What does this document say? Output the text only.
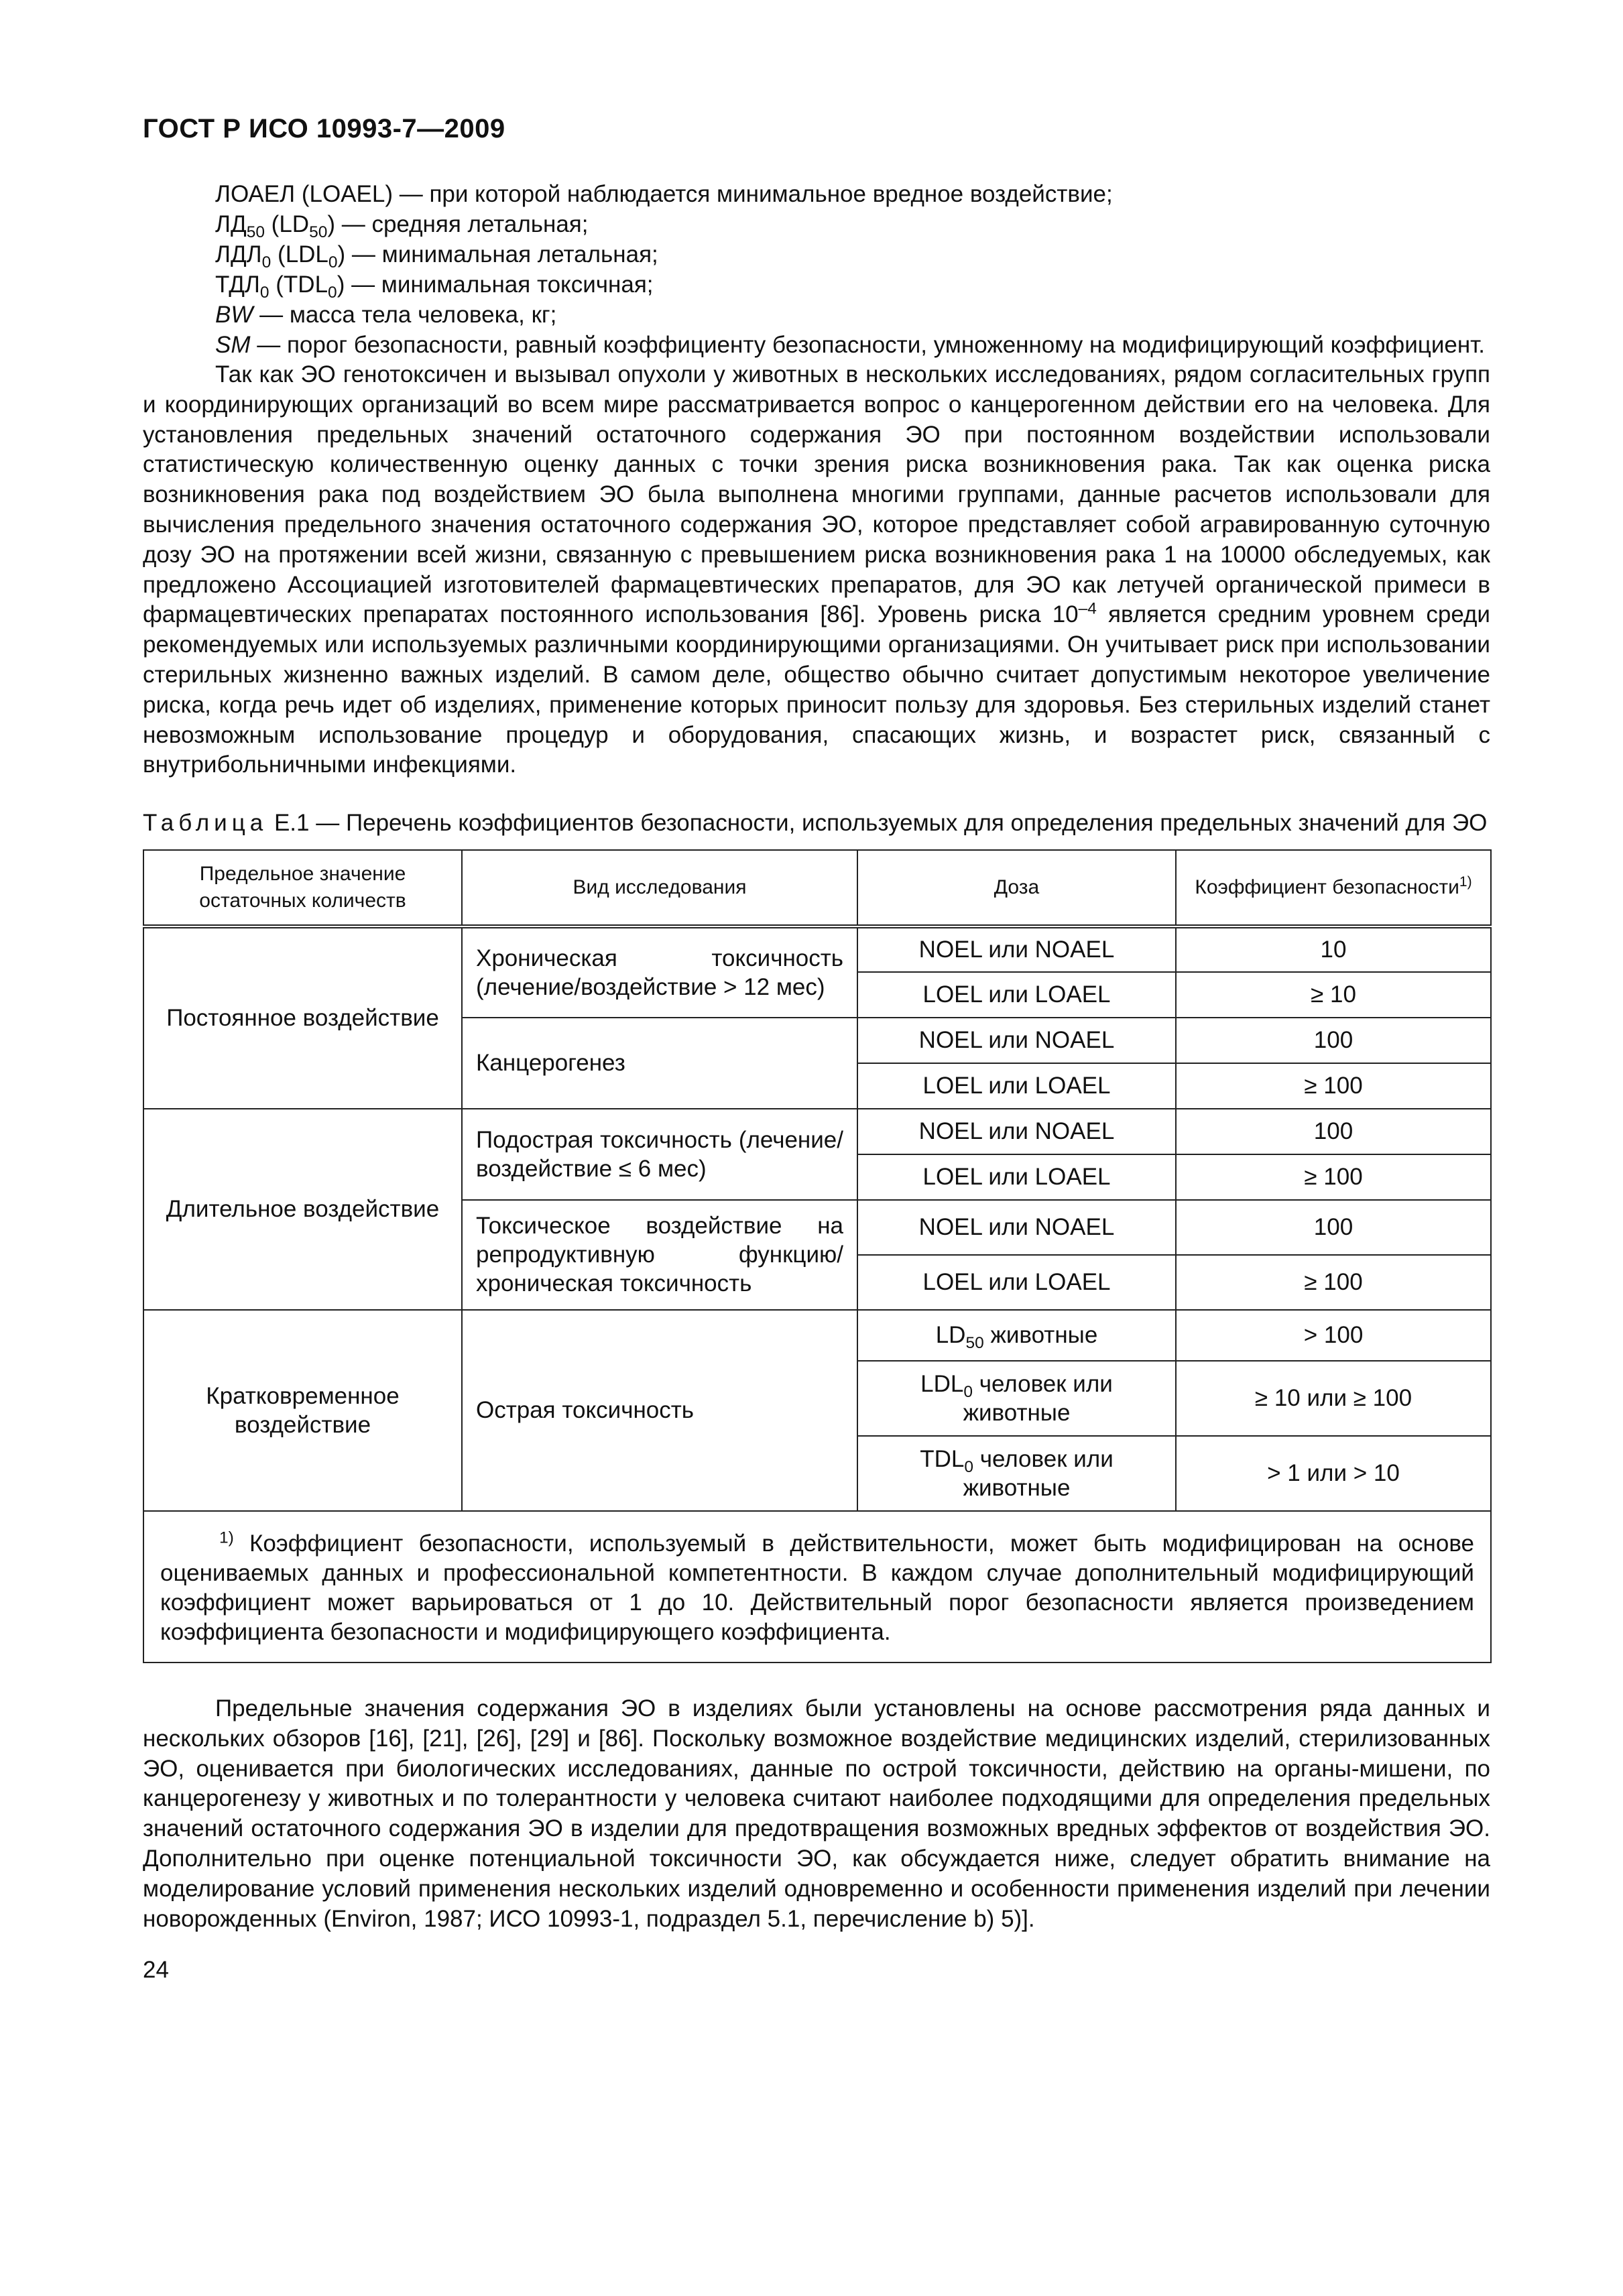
ГОСТ Р ИСО 10993-7—2009

ЛОАЕЛ (LOAEL) — при которой наблюдается минимальное вредное воздействие;

$ЛД_{50}$ $(LD_{50})$ — средняя летальная;

$ЛДЛ_0$ $(LDL_0)$ — минимальная летальная;

$ТДЛ_0$ $(TDL_0)$ — минимальная токсичная;

BW — масса тела человека, кг;

SM — порог безопасности, равный коэффициенту безопасности, умноженному на модифицирующий коэффициент.

Так как ЭО генотоксичен и вызывал опухоли у животных в нескольких исследованиях, рядом согласительных групп и координирующих организаций во всем мире рассматривается вопрос о канцерогенном действии его на человека. Для установления предельных значений остаточного содержания ЭО при постоянном воздействии использовали статистическую количественную оценку данных с точки зрения риска возникновения рака. Так как оценка риска возникновения рака под воздействием ЭО была выполнена многими группами, данные расчетов использовали для вычисления предельного значения остаточного содержания ЭО, которое представляет собой агравированную суточную дозу ЭО на протяжении всей жизни, связанную с превышением риска возникновения рака 1 на 10000 обследуемых, как предложено Ассоциацией изготовителей фармацевтических препаратов, для ЭО как летучей органической примеси в фармацевтических препаратах постоянного использования [86]. Уровень риска $10^{-4}$ является средним уровнем среди рекомендуемых или используемых различными координирующими организациями. Он учитывает риск при использовании стерильных жизненно важных изделий. В самом деле, общество обычно считает допустимым некоторое увеличение риска, когда речь идет об изделиях, применение которых приносит пользу для здоровья. Без стерильных изделий станет невозможным использование процедур и оборудования, спасающих жизнь, и возрастет риск, связанный с внутрибольничными инфекциями.

Таблица Е.1 — Перечень коэффициентов безопасности, используемых для определения предельных значений для ЭО
Предельное значение остаточных количеств	Вид исследования	Доза	Коэффициент безопасности$^{1)}$
Постоянное воздействие	Хроническая токсичность (лечение/воздействие > 12 мес)	NOEL или NOAEL	10
		LOEL или LOAEL	≥ 10
	Канцерогенез	NOEL или NOAEL	100
		LOEL или LOAEL	≥ 100
Длительное воздействие	Подострая токсичность (лечение/воздействие ≤ 6 мес)	NOEL или NOAEL	100
		LOEL или LOAEL	≥ 100
	Токсическое воздействие на репродуктивную функцию/хроническая токсичность	NOEL или NOAEL	100
		LOEL или LOAEL	≥ 100
Кратковременное воздействие	Острая токсичность	$LD_{50}$ животные	> 100
		$LDL_0$ человек или животные	≥ 10 или ≥ 100
		$TDL_0$ человек или животные	> 1 или > 10
$^{1)}$ Коэффициент безопасности, используемый в действительности, может быть модифицирован на основе оцениваемых данных и профессиональной компетентности. В каждом случае дополнительный модифицирующий коэффициент может варьироваться от 1 до 10. Действительный порог безопасности является произведением коэффициента безопасности и модифицирующего коэффициента.			

Предельные значения содержания ЭО в изделиях были установлены на основе рассмотрения ряда данных и нескольких обзоров [16], [21], [26], [29] и [86]. Поскольку возможное воздействие медицинских изделий, стерилизованных ЭО, оценивается при биологических исследованиях, данные по острой токсичности, действию на органы-мишени, по канцерогенезу у животных и по толерантности у человека считают наиболее подходящими для определения предельных значений остаточного содержания ЭО в изделии для предотвращения возможных вредных эффектов от воздействия ЭО. Дополнительно при оценке потенциальной токсичности ЭО, как обсуждается ниже, следует обратить внимание на моделирование условий применения нескольких изделий одновременно и особенности применения изделий при лечении новорожденных (Environ, 1987; ИСО 10993-1, подраздел 5.1, перечисление b) 5)].

24
